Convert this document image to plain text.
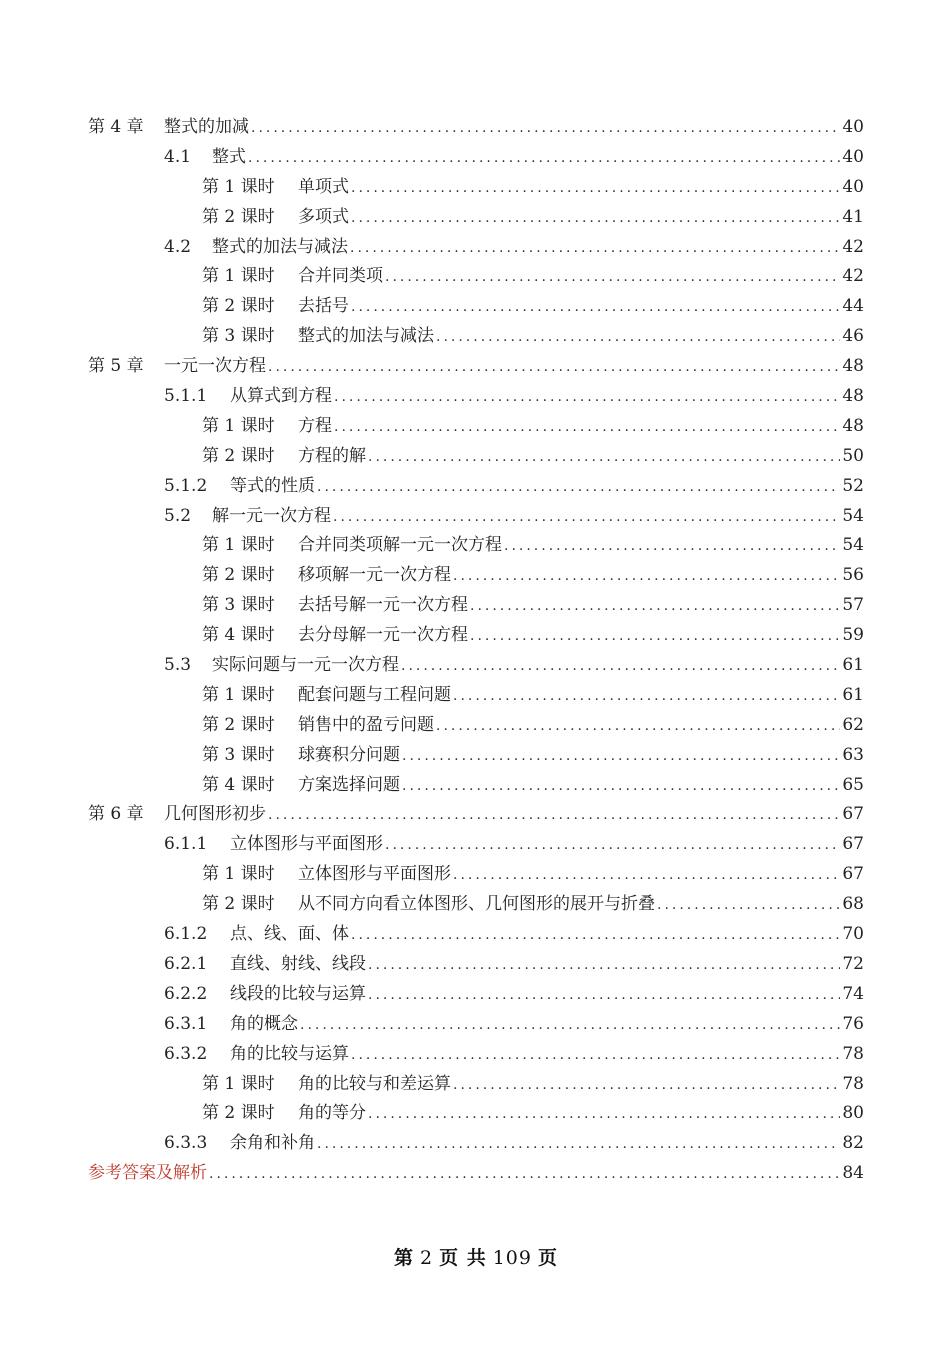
第 4 章	整式的加减 .....	40
4.1	整式 .....	40
第 1 课时	单项式 .....	40
第 2 课时	多项式 .....	41
4.2	整式的加法与减法 .....	42
第 1 课时	合并同类项 .....	42
第 2 课时	去括号 .....	44
第 3 课时	整式的加法与减法 .....	46
第 5 章	一元一次方程 .....	48
5.1.1	从算式到方程 .....	48
第 1 课时	方程 .....	48
第 2 课时	方程的解 .....	50
5.1.2	等式的性质 .....	52
5.2	解一元一次方程 .....	54
第 1 课时	合并同类项解一元一次方程 .....	54
第 2 课时	移项解一元一次方程 .....	56
第 3 课时	去括号解一元一次方程 .....	57
第 4 课时	去分母解一元一次方程 .....	59
5.3	实际问题与一元一次方程 .....	61
第 1 课时	配套问题与工程问题 .....	61
第 2 课时	销售中的盈亏问题 .....	62
第 3 课时	球赛积分问题 .....	63
第 4 课时	方案选择问题 .....	65
第 6 章	几何图形初步 .....	67
6.1.1	立体图形与平面图形 .....	67
第 1 课时	立体图形与平面图形 .....	67
第 2 课时	从不同方向看立体图形、几何图形的展开与折叠 .....	68
6.1.2	点、线、面、体 .....	70
6.2.1	直线、射线、线段 .....	72
6.2.2	线段的比较与运算 .....	74
6.3.1	角的概念 .....	76
6.3.2	角的比较与运算 .....	78
第 1 课时	角的比较与和差运算 .....	78
第 2 课时	角的等分 .....	80
6.3.3	余角和补角 .....	82
参考答案及解析 .....	84
第 2 页 共 109 页
